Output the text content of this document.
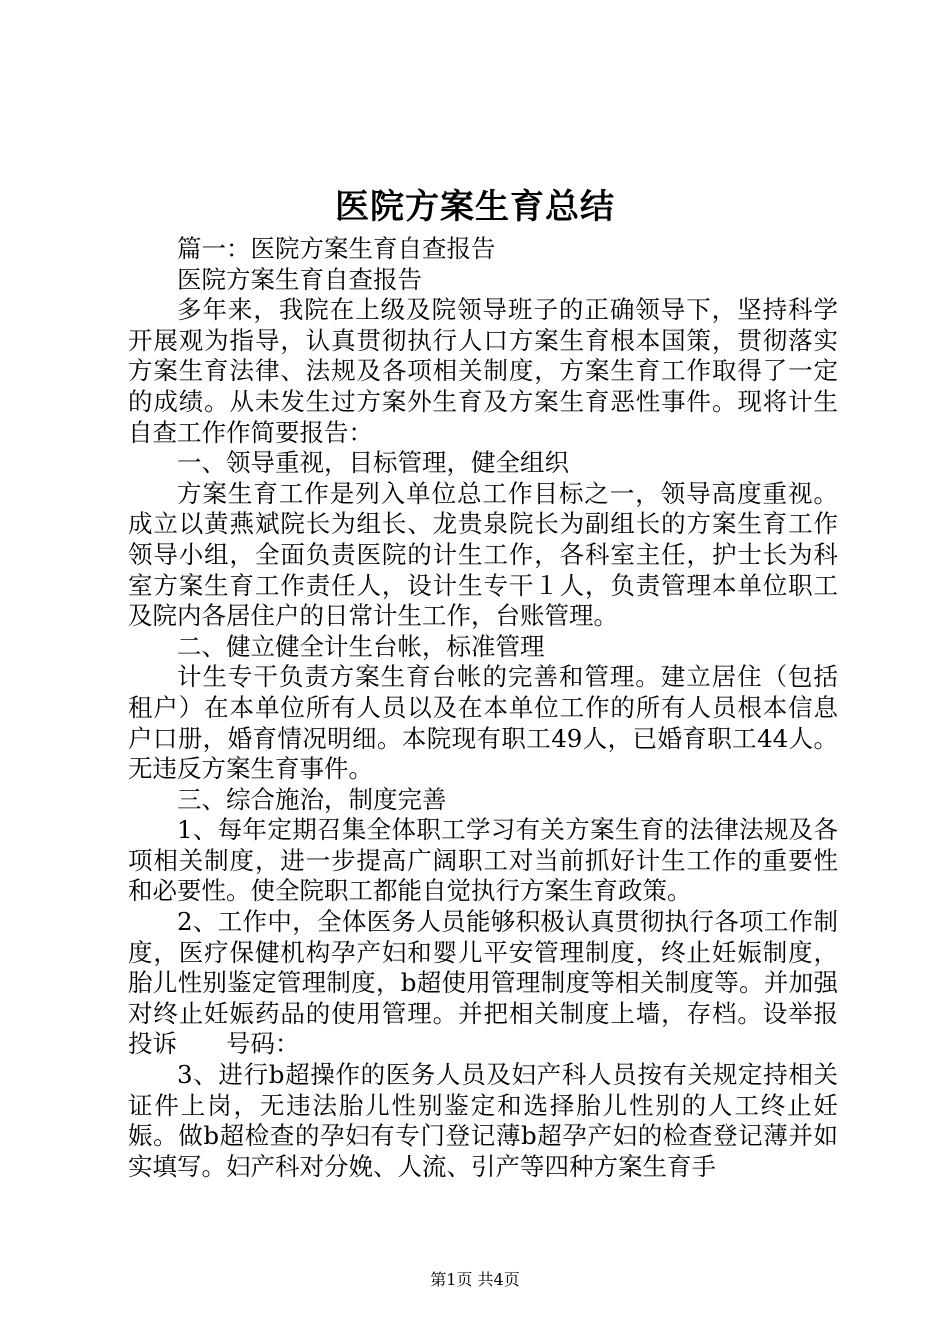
医院方案生育总结

篇一：医院方案生育自查报告

医院方案生育自查报告

多年来，我院在上级及院领导班子的正确领导下，坚持科学开展观为指导，认真贯彻执行人口方案生育根本国策，贯彻落实方案生育法律、法规及各项相关制度，方案生育工作取得了一定的成绩。从未发生过方案外生育及方案生育恶性事件。现将计生自查工作作简要报告：

一、领导重视，目标管理，健全组织

方案生育工作是列入单位总工作目标之一，领导高度重视。成立以黄燕斌院长为组长、龙贵泉院长为副组长的方案生育工作领导小组，全面负责医院的计生工作，各科室主任，护士长为科室方案生育工作责任人，设计生专干１人，负责管理本单位职工及院内各居住户的日常计生工作，台账管理。

二、健立健全计生台帐，标准管理

计生专干负责方案生育台帐的完善和管理。建立居住（包括租户）在本单位所有人员以及在本单位工作的所有人员根本信息户口册，婚育情况明细。本院现有职工49人，已婚育职工44人。无违反方案生育事件。

三、综合施治，制度完善

1、每年定期召集全体职工学习有关方案生育的法律法规及各项相关制度，进一步提高广阔职工对当前抓好计生工作的重要性和必要性。使全院职工都能自觉执行方案生育政策。

2、工作中，全体医务人员能够积极认真贯彻执行各项工作制度，医疗保健机构孕产妇和婴儿平安管理制度，终止妊娠制度，胎儿性别鉴定管理制度，b超使用管理制度等相关制度等。并加强对终止妊娠药品的使用管理。并把相关制度上墙，存档。设举报投诉　　号码：

3、进行b超操作的医务人员及妇产科人员按有关规定持相关证件上岗，无违法胎儿性别鉴定和选择胎儿性别的人工终止妊娠。做b超检查的孕妇有专门登记薄b超孕产妇的检查登记薄并如实填写。妇产科对分娩、人流、引产等四种方案生育手

第1页 共4页
